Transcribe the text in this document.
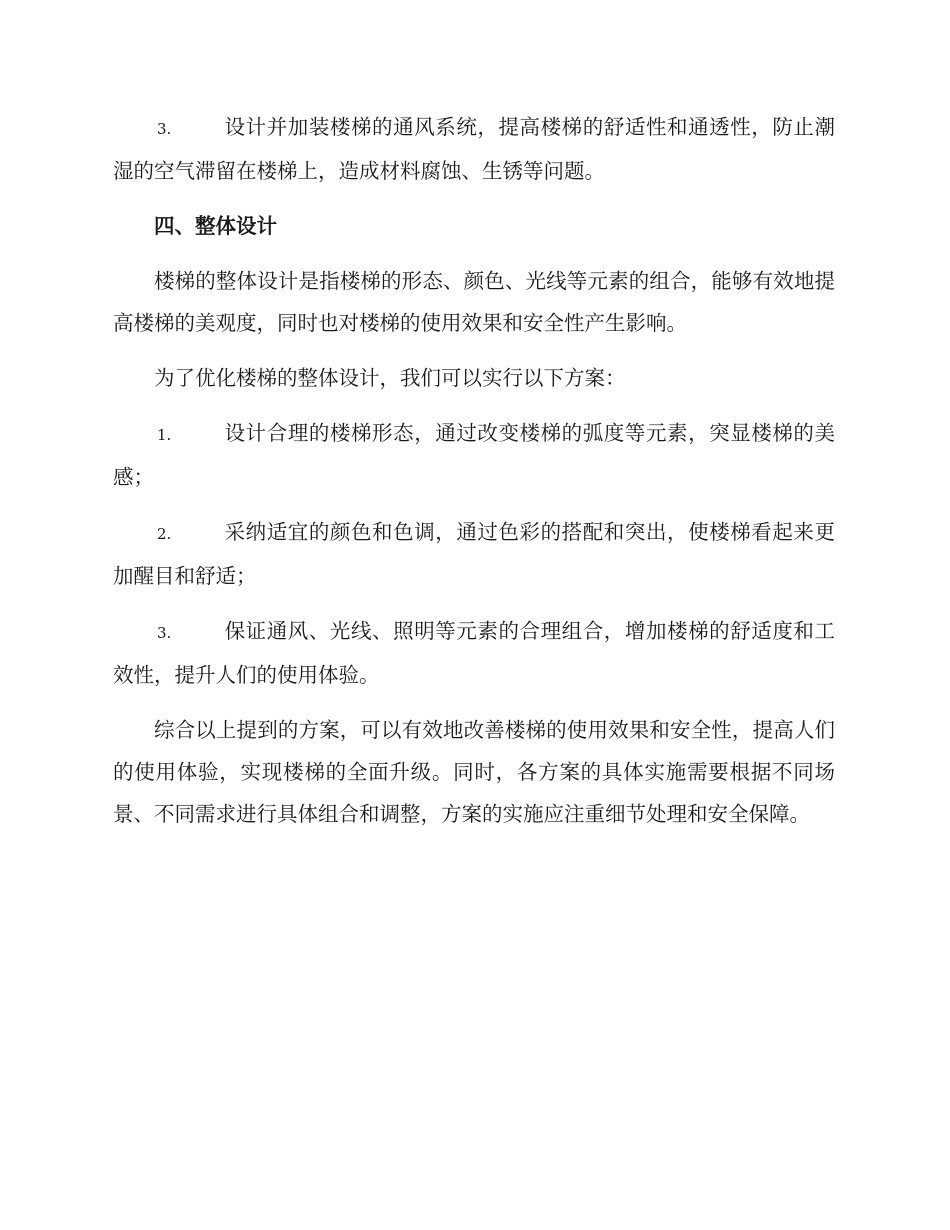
3.	设计并加装楼梯的通风系统，提高楼梯的舒适性和通透性，防止潮湿的空气滞留在楼梯上，造成材料腐蚀、生锈等问题。

四、整体设计

楼梯的整体设计是指楼梯的形态、颜色、光线等元素的组合，能够有效地提高楼梯的美观度，同时也对楼梯的使用效果和安全性产生影响。

为了优化楼梯的整体设计，我们可以实行以下方案：

1.	设计合理的楼梯形态，通过改变楼梯的弧度等元素，突显楼梯的美感；

2.	采纳适宜的颜色和色调，通过色彩的搭配和突出，使楼梯看起来更加醒目和舒适；

3.	保证通风、光线、照明等元素的合理组合，增加楼梯的舒适度和工效性，提升人们的使用体验。

综合以上提到的方案，可以有效地改善楼梯的使用效果和安全性，提高人们的使用体验，实现楼梯的全面升级。同时，各方案的具体实施需要根据不同场景、不同需求进行具体组合和调整，方案的实施应注重细节处理和安全保障。
